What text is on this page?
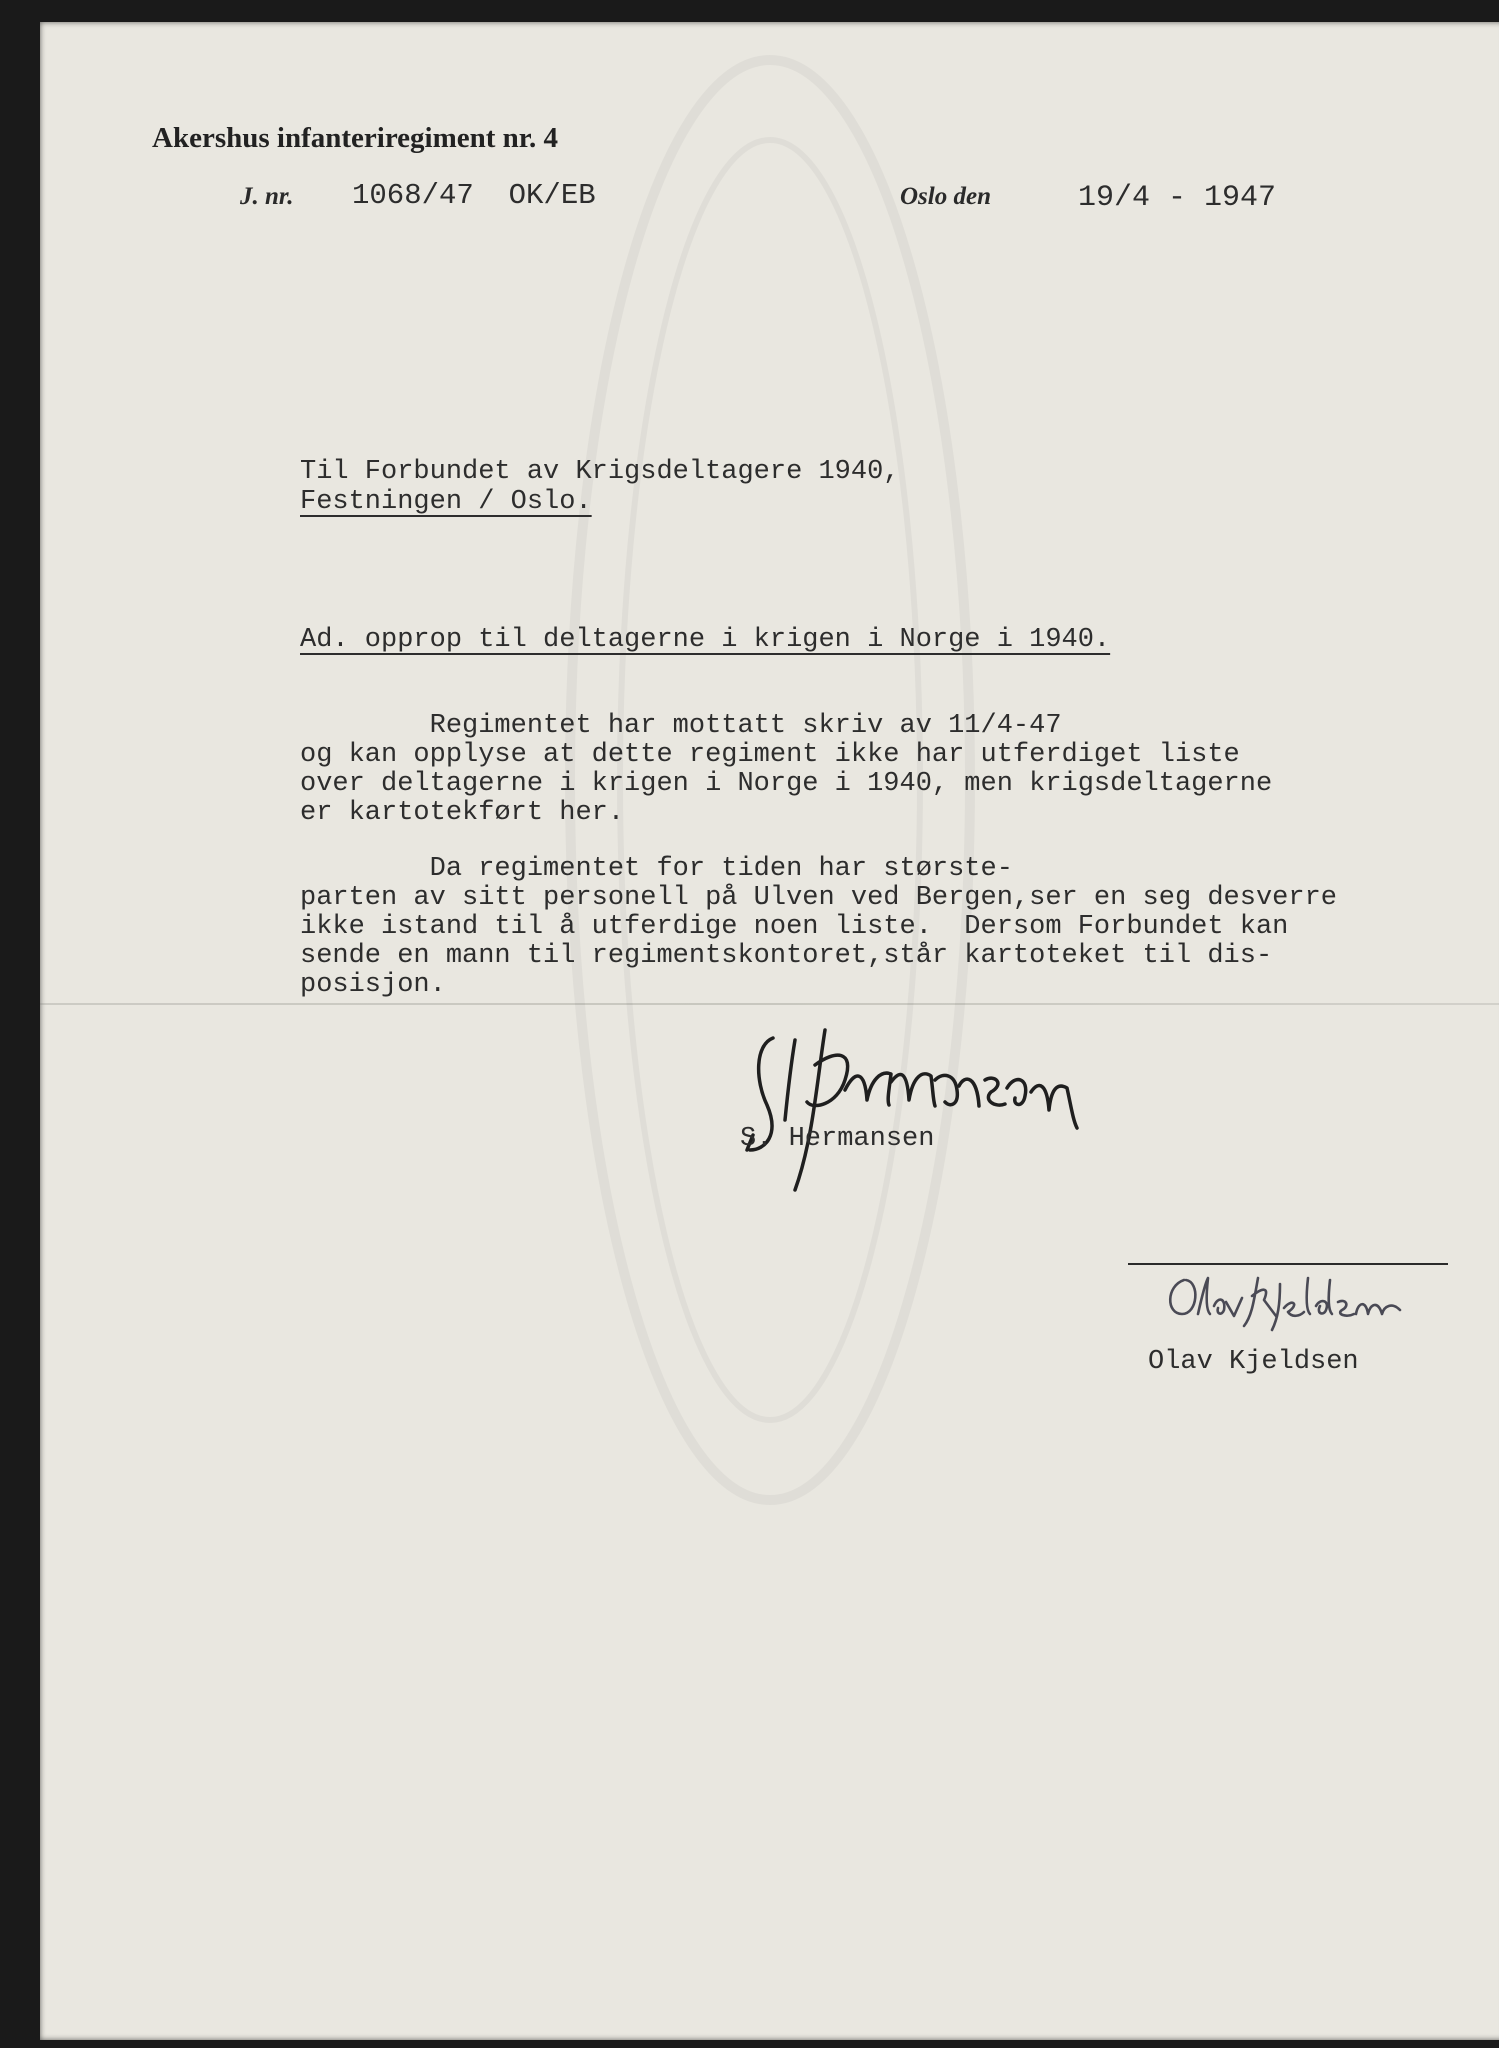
Akershus infanteriregiment nr. 4
J. nr. 1068/47  OK/EB	Oslo den	19/4 - 1947
Til Forbundet av Krigsdeltagere 1940,
Festningen / Oslo.
Ad. opprop til deltagerne i krigen i Norge i 1940.
Regimentet har mottatt skriv av 11/4-47
og kan opplyse at dette regiment ikke har utferdiget liste
over deltagerne i krigen i Norge i 1940, men krigsdeltagerne
er kartotekført her.
Da regimentet for tiden har største-
parten av sitt personell på Ulven ved Bergen,ser en seg desverre
ikke istand til å utferdige noen liste.  Dersom Forbundet kan
sende en mann til regimentskontoret,står kartoteket til dis-
posisjon.
S. Hermansen
Olav Kjeldsen
